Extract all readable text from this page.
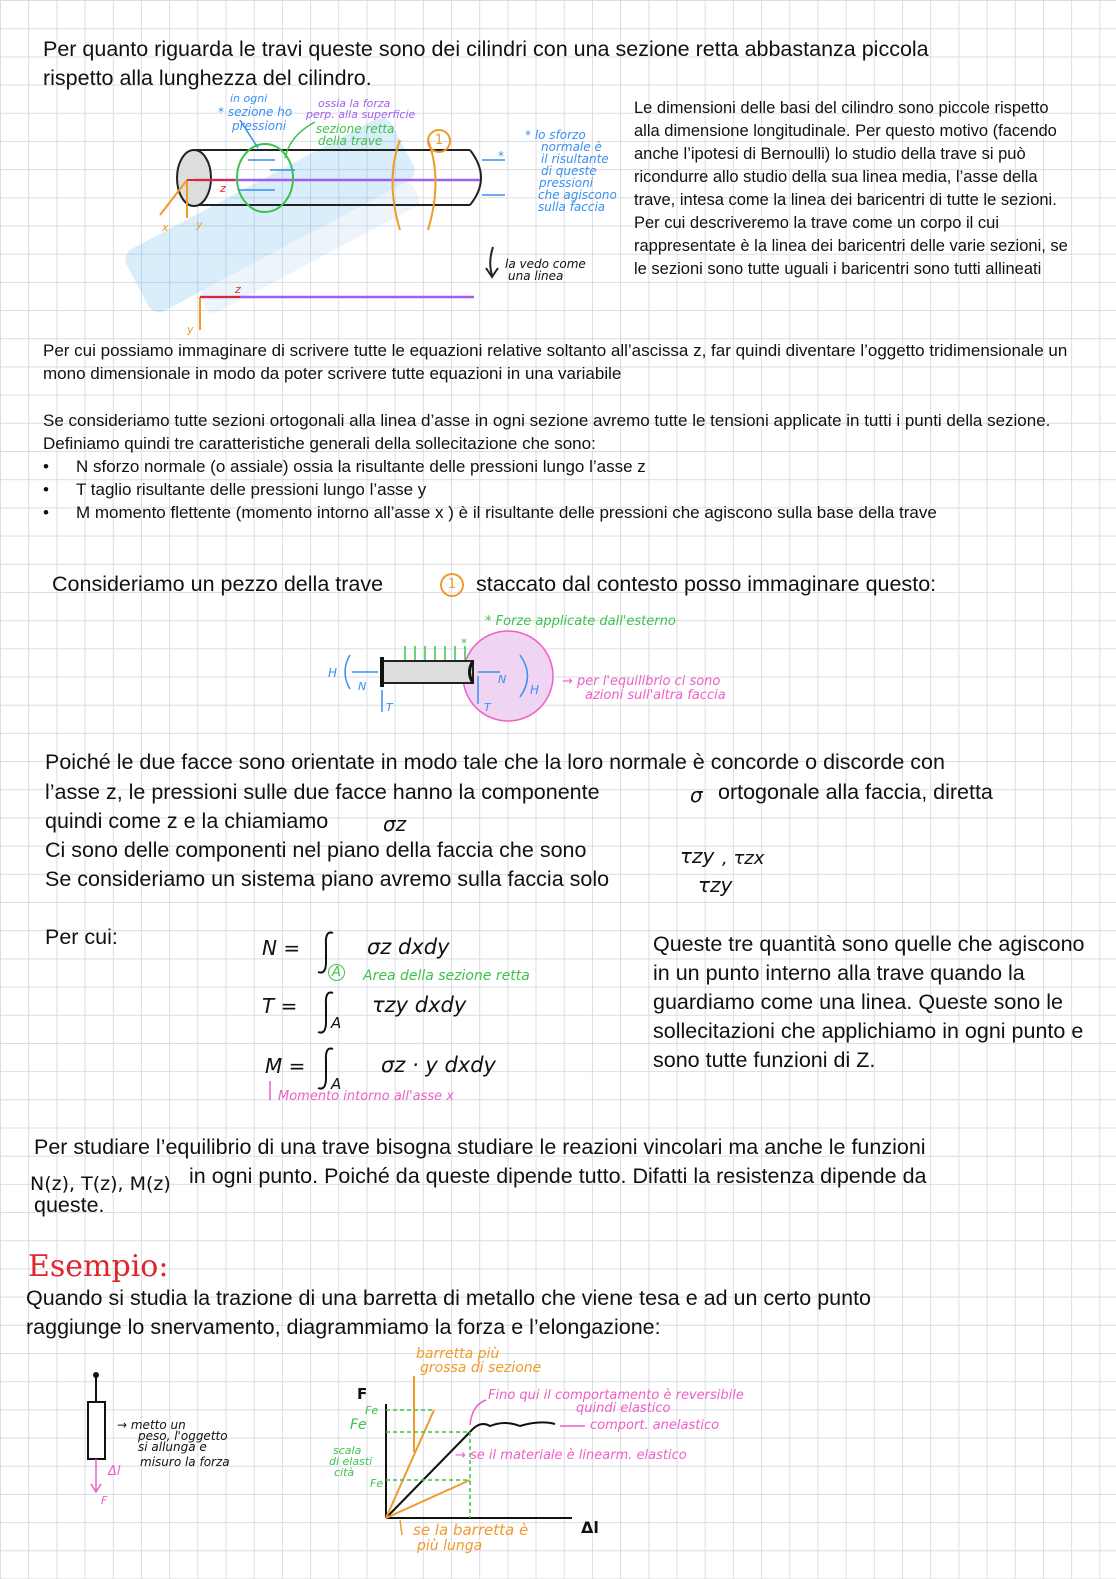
Per quanto riguarda le travi queste sono dei cilindri con una sezione retta abbastanza piccola

rispetto alla lunghezza del cilindro.

in ogni
* sezione ho
pressioni
ossia la forza
perp. alla superficie
sezione retta
della trave	1	* lo sforzo
normale è
il risultante
di queste
pressioni
che agiscono
sulla faccia
*
la vedo come
una linea
x y
z
z
y

Le dimensioni delle basi del cilindro sono piccole rispetto alla dimensione longitudinale. Per questo motivo (facendo anche l’ipotesi di Bernoulli) lo studio della trave si può ricondurre allo studio della sua linea media, l’asse della trave, intesa come la linea dei baricentri di tutte le sezioni. Per cui descriveremo la trave come un corpo il cui rappresentate è la linea dei baricentri delle varie sezioni, se le sezioni sono tutte uguali i baricentri sono tutti allineati

Per cui possiamo immaginare di scrivere tutte le equazioni relative soltanto all’ascissa z, far quindi diventare l’oggetto tridimensionale un mono dimensionale in modo da poter scrivere tutte equazioni in una variabile

Se consideriamo tutte sezioni ortogonali alla linea d’asse in ogni sezione avremo tutte le tensioni applicate in tutti i punti della sezione. Definiamo quindi tre caratteristiche generali della sollecitazione che sono:

• N sforzo normale (o assiale) ossia la risultante delle pressioni lungo l’asse z
• T taglio risultante delle pressioni lungo l’asse y
• M momento flettente (momento intorno all’asse x ) è il risultante delle pressioni che agiscono sulla base della trave

Consideriamo un pezzo della trave	1 staccato dal contesto posso immaginare questo:

* Forze applicate dall'esterno
*
H
N
T
N
H
T
→ per l'equilibrio ci sono
azioni sull'altra faccia

Poiché le due facce sono orientate in modo tale che la loro normale è concorde o discorde con

l’asse z, le pressioni sulle due facce hanno la componente	σ ortogonale alla faccia, diretta

quindi come z e la chiamiamo	σz

Ci sono delle componenti nel piano della faccia che sono	τzy , τzx

Se consideriamo un sistema piano avremo sulla faccia solo	τzy

Per cui:	N =	σz dxdy
A Area della sezione retta
T =	τzy dxdy
A
M =	σz · y dxdy
A
Momento intorno all'asse x

Queste tre quantità sono quelle che agiscono in un punto interno alla trave quando la guardiamo come una linea. Queste sono le sollecitazioni che applichiamo in ogni punto e sono tutte funzioni di Z.

Per studiare l’equilibrio di una trave bisogna studiare le reazioni vincolari ma anche le funzioni

N(z), T(z), M(z) in ogni punto. Poiché da queste dipende tutto. Difatti la resistenza dipende da

queste.

Esempio:

Quando si studia la trazione di una barretta di metallo che viene tesa e ad un certo punto

raggiunge lo snervamento, diagrammiamo la forza e l’elongazione:

→ metto un
peso, l'oggetto
si allunga e
misuro la forza
Δl
F
barretta più
grossa di sezione
F
Fe
Fe
Fe
scala
di elasti
cità
Fino qui il comportamento è reversibile
quindi elastico
comport. anelastico
→ se il materiale è linearm. elastico
se la barretta è
più lunga
Δl
